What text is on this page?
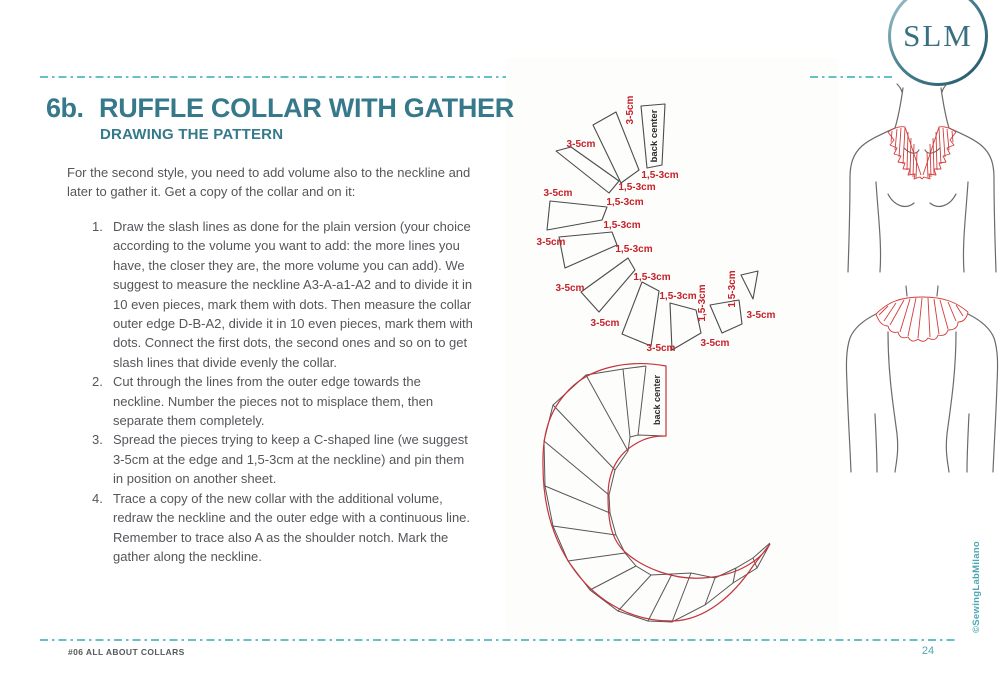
SLM
6b. RUFFLE COLLAR WITH GATHER
DRAWING THE PATTERN
For the second style, you need to add volume also to the neckline and later to gather it. Get a copy of the collar and on it:
1. Draw the slash lines as done for the plain version (your choice according to the volume you want to add: the more lines you have, the closer they are, the more volume you can add). We suggest to measure the neckline A3-A-a1-A2 and to divide it in 10 even pieces, mark them with dots. Then measure the collar outer edge D-B-A2, divide it in 10 even pieces, mark them with dots. Connect the first dots, the second ones and so on to get slash lines that divide evenly the collar.
2. Cut through the lines from the outer edge towards the neckline. Number the pieces not to misplace them, then separate them completely.
3. Spread the pieces trying to keep a C-shaped line (we suggest 3-5cm at the edge and 1,5-3cm at the neckline) and pin them in position on another sheet.
4. Trace a copy of the new collar with the additional volume, redraw the neckline and the outer edge with a continuous line. Remember to trace also A as the shoulder notch. Mark the gather along the neckline.
3-5cm
3-5cm
3-5cm
3-5cm
3-5cm
3-5cm
3-5cm	3-5cm
3-5cm
1,5-3cm
1,5-3cm
1,5-3cm
1,5-3cm
1,5-3cm
1,5-3cm
1,5-3cm 1,5-3cm 1,5-3cm
back center
back center
#06 ALL ABOUT COLLARS	24
©SewingLabMilano
